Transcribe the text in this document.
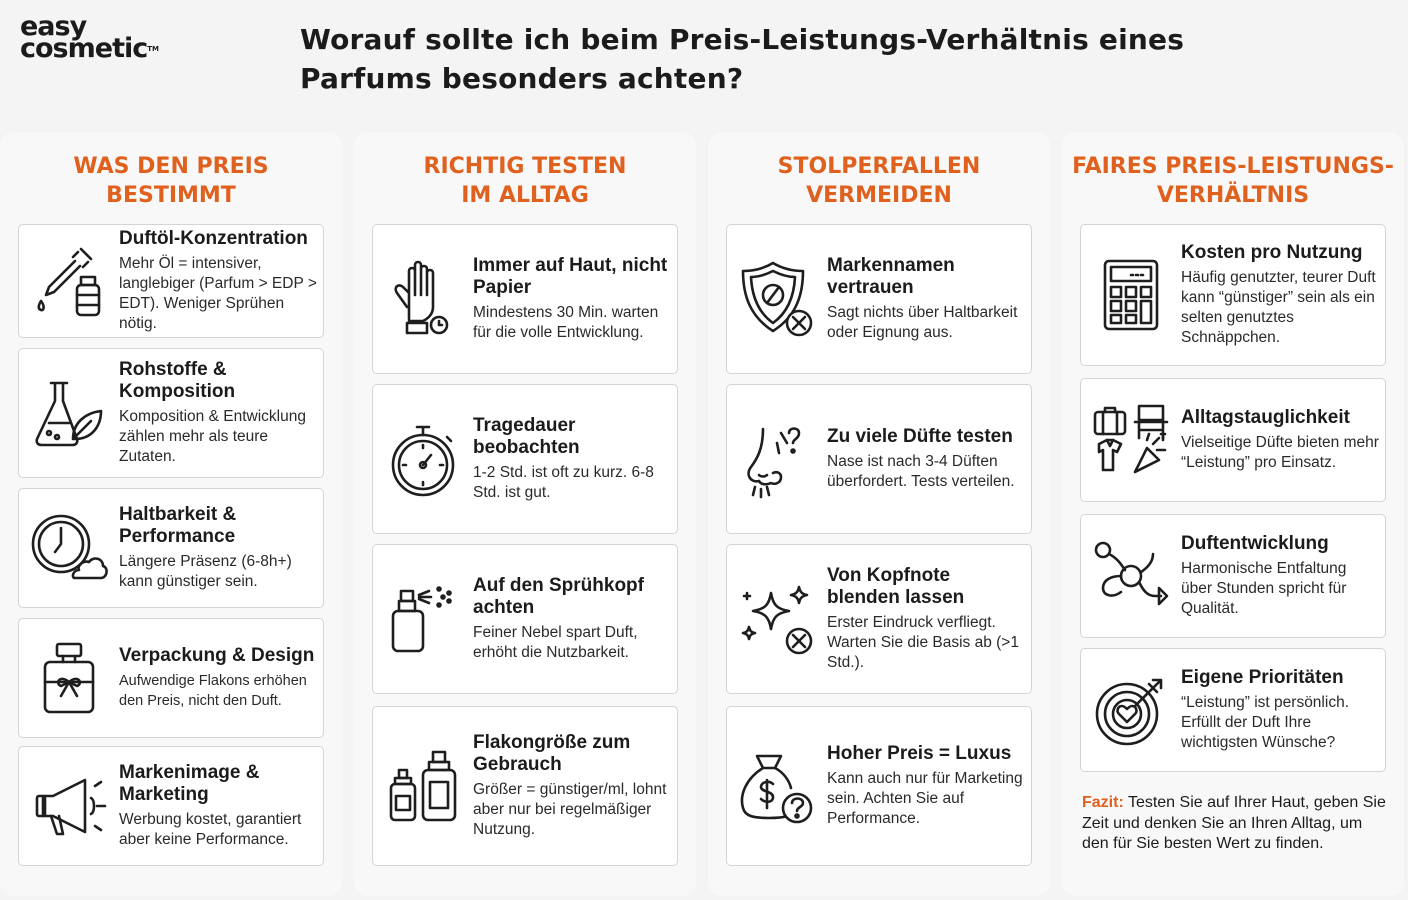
easy
cosmetic™	Worauf sollte ich beim Preis-Leistungs-Verhältnis eines Parfums besonders achten?
WAS DEN PREIS BESTIMMT
Duftöl-Konzentration

Mehr Öl = intensiver, langlebiger (Parfum > EDP > EDT). Weniger Sprühen nötig.

Rohstoffe & Komposition

Komposition & Entwicklung zählen mehr als teure Zutaten.

Haltbarkeit & Performance

Längere Präsenz (6-8h+) kann günstiger sein.

Verpackung & Design

Aufwendige Flakons erhöhen den Preis, nicht den Duft.

Markenimage & Marketing

Werbung kostet, garantiert aber keine Performance.

RICHTIG TESTEN IM ALLTAG
Immer auf Haut, nicht Papier

Mindestens 30 Min. warten für die volle Entwicklung.

Tragedauer beobachten

1-2 Std. ist oft zu kurz. 6-8 Std. ist gut.

Auf den Sprühkopf achten

Feiner Nebel spart Duft, erhöht die Nutzbarkeit.

Flakongröße zum Gebrauch

Größer = günstiger/ml, lohnt aber nur bei regelmäßiger Nutzung.

STOLPERFALLEN VERMEIDEN
Markennamen vertrauen

Sagt nichts über Haltbarkeit oder Eignung aus.

Zu viele Düfte testen

Nase ist nach 3-4 Düften überfordert. Tests verteilen.

Von Kopfnote blenden lassen

Erster Eindruck verfliegt. Warten Sie die Basis ab (>1 Std.).

Hoher Preis = Luxus

Kann auch nur für Marketing sein. Achten Sie auf Performance.

FAIRES PREIS-LEISTUNGS-VERHÄLTNIS
Kosten pro Nutzung

Häufig genutzter, teurer Duft kann “günstiger” sein als ein selten genutztes Schnäppchen.

Alltagstauglichkeit

Vielseitige Düfte bieten mehr “Leistung” pro Einsatz.

Duftentwicklung

Harmonische Entfaltung über Stunden spricht für Qualität.

Eigene Prioritäten

“Leistung” ist persönlich. Erfüllt der Duft Ihre wichtigsten Wünsche?

Fazit: Testen Sie auf Ihrer Haut, geben Sie Zeit und denken Sie an Ihren Alltag, um den für Sie besten Wert zu finden.
